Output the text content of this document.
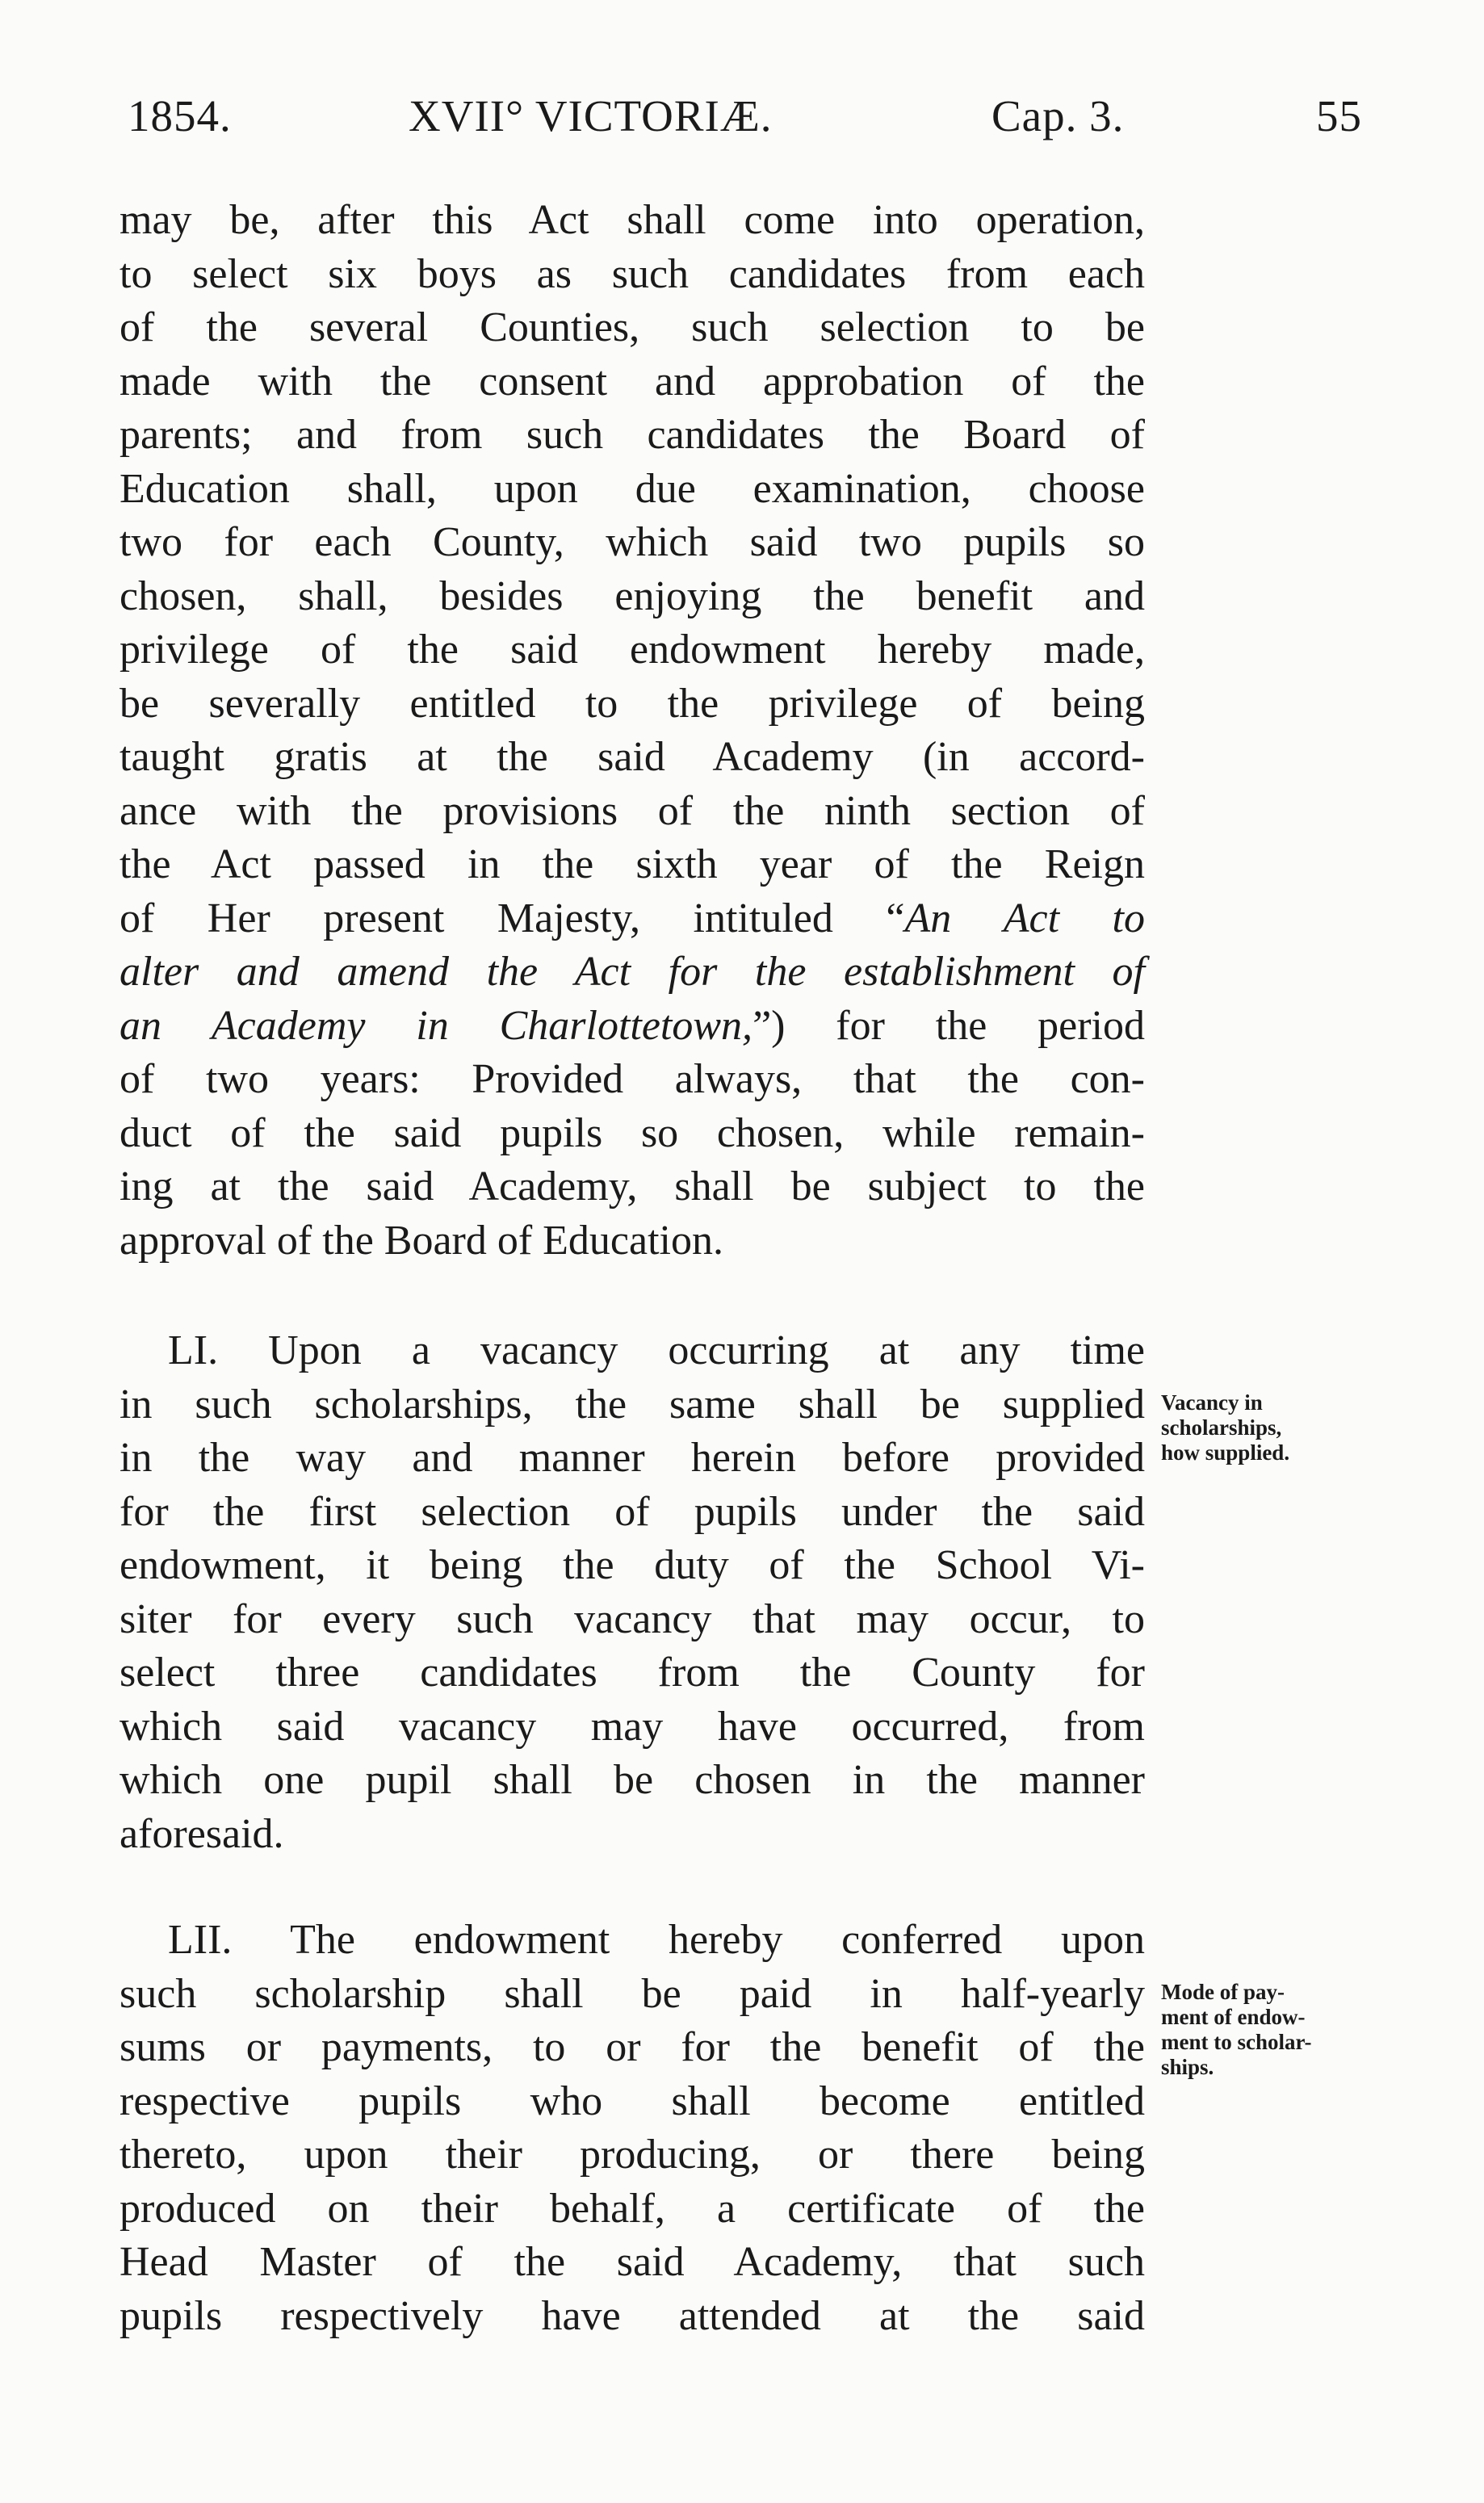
1854.	XVII° VICTORIÆ.	Cap. 3.	55
may be, after this Act shall come into operation,
to select six boys as such candidates from each
of the several Counties, such selection to be
made with the consent and approbation of the
parents; and from such candidates the Board of
Education shall, upon due examination, choose
two for each County, which said two pupils so
chosen, shall, besides enjoying the benefit and
privilege of the said endowment hereby made,
be severally entitled to the privilege of being
taught gratis at the said Academy (in accord-
ance with the provisions of the ninth section of
the Act passed in the sixth year of the Reign
of Her present Majesty, intituled “An Act to
alter and amend the Act for the establishment of
an Academy in Charlottetown,”) for the period
of two years: Provided always, that the con-
duct of the said pupils so chosen, while remain-
ing at the said Academy, shall be subject to the
approval of the Board of Education.
LI. Upon a vacancy occurring at any time
in such scholarships, the same shall be supplied
in the way and manner herein before provided
for the first selection of pupils under the said
endowment, it being the duty of the School Vi-
siter for every such vacancy that may occur, to
select three candidates from the County for
which said vacancy may have occurred, from
which one pupil shall be chosen in the manner
aforesaid.
Vacancy in
scholarships,
how supplied.
LII. The endowment hereby conferred upon
such scholarship shall be paid in half-yearly
sums or payments, to or for the benefit of the
respective pupils who shall become entitled
thereto, upon their producing, or there being
produced on their behalf, a certificate of the
Head Master of the said Academy, that such
pupils respectively have attended at the said
Mode of pay-
ment of endow-
ment to scholar-
ships.
